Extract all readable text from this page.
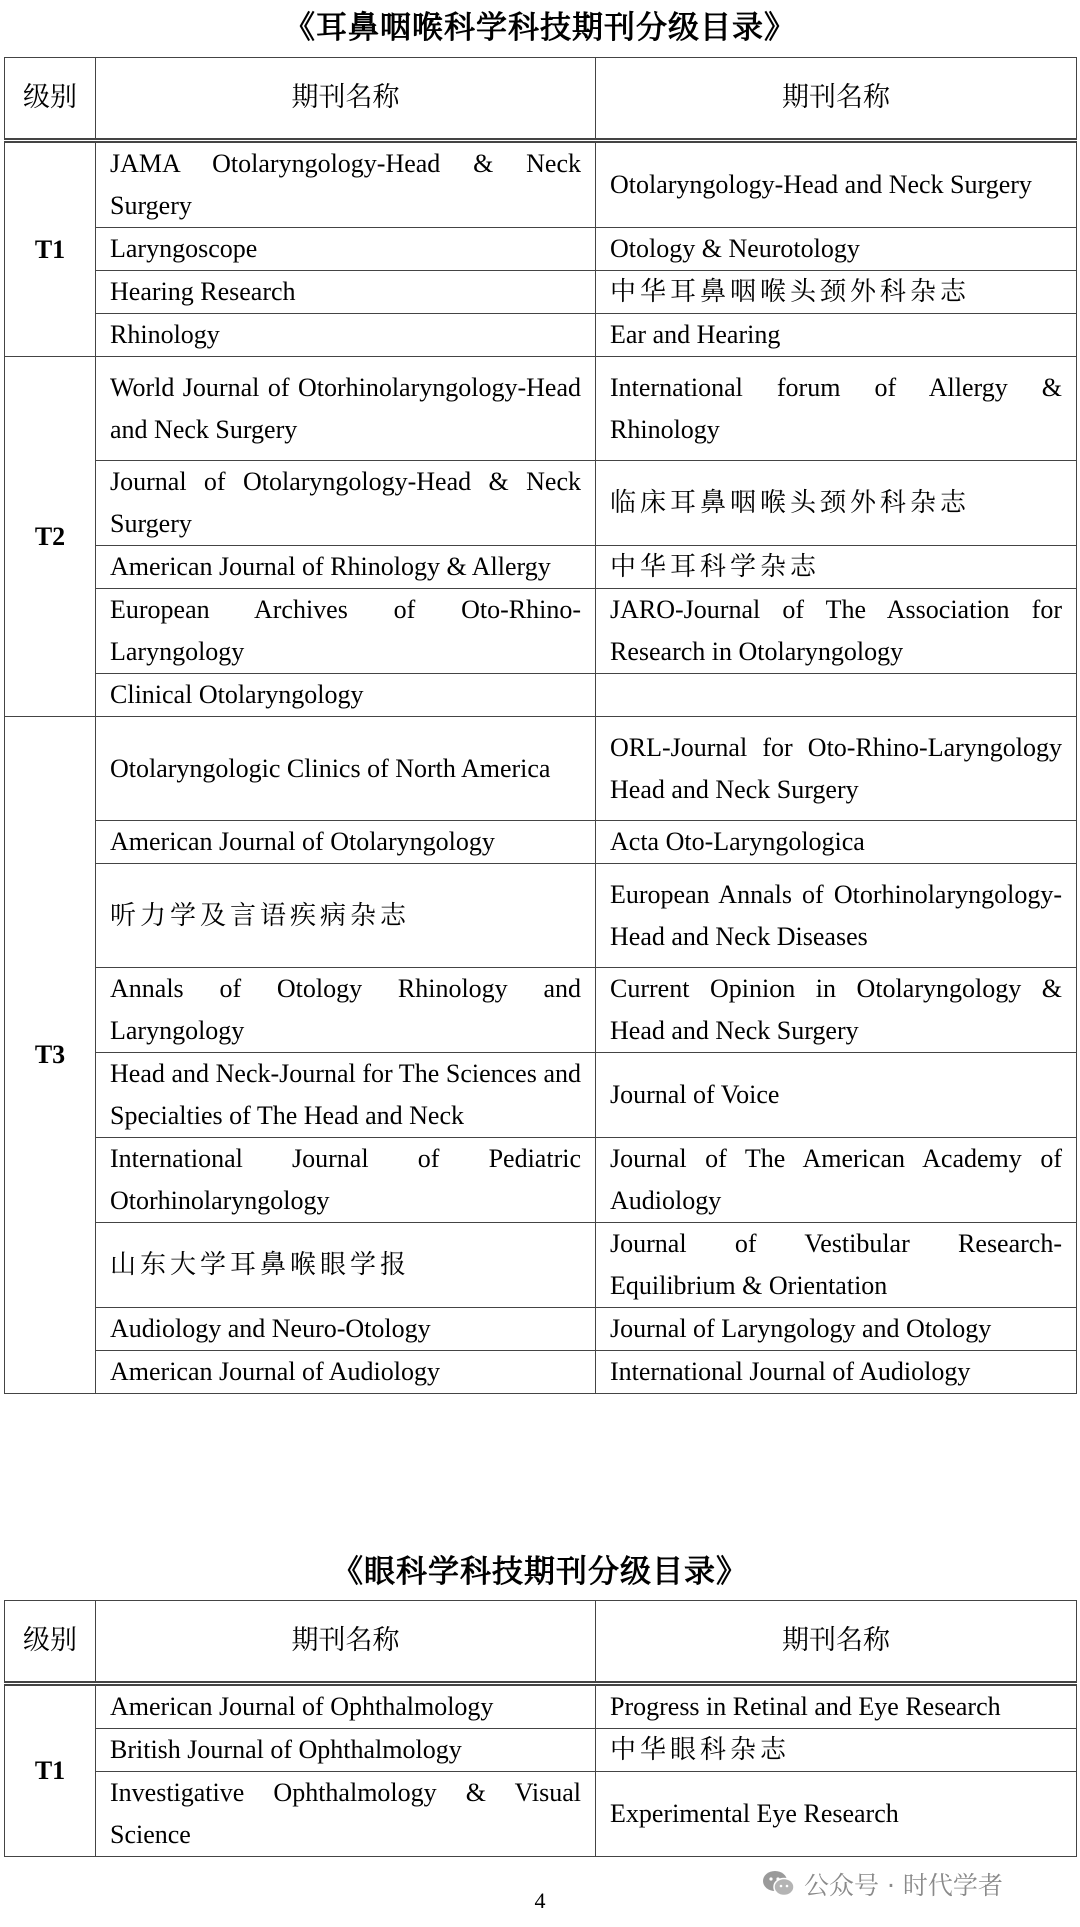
《耳鼻咽喉科学科技期刊分级目录》
级别	期刊名称	期刊名称
T1	JAMA Otolaryngology-Head & Neck Surgery	Otolaryngology-Head and Neck Surgery
	Laryngoscope	Otology & Neurotology
	Hearing Research	中华耳鼻咽喉头颈外科杂志
	Rhinology	Ear and Hearing
T2	World Journal of Otorhinolaryngology-Head and Neck Surgery	International forum of Allergy & Rhinology
	Journal of Otolaryngology-Head & Neck Surgery	临床耳鼻咽喉头颈外科杂志
	American Journal of Rhinology & Allergy	中华耳科学杂志
	European Archives of Oto-Rhino-Laryngology	JARO-Journal of The Association for Research in Otolaryngology
	Clinical Otolaryngology	
T3	Otolaryngologic Clinics of North America	ORL-Journal for Oto-Rhino-Laryngology Head and Neck Surgery
	American Journal of Otolaryngology	Acta Oto-Laryngologica
	听力学及言语疾病杂志	European Annals of Otorhinolaryngology-Head and Neck Diseases
	Annals of Otology Rhinology and Laryngology	Current Opinion in Otolaryngology & Head and Neck Surgery
	Head and Neck-Journal for The Sciences and Specialties of The Head and Neck	Journal of Voice
	International Journal of Pediatric Otorhinolaryngology	Journal of The American Academy of Audiology
	山东大学耳鼻喉眼学报	Journal of Vestibular Research-Equilibrium & Orientation
	Audiology and Neuro-Otology	Journal of Laryngology and Otology
	American Journal of Audiology	International Journal of Audiology
《眼科学科技期刊分级目录》
级别	期刊名称	期刊名称
T1	American Journal of Ophthalmology	Progress in Retinal and Eye Research
	British Journal of Ophthalmology	中华眼科杂志
	Investigative Ophthalmology & Visual Science	Experimental Eye Research
4
公众号 · 时代学者
